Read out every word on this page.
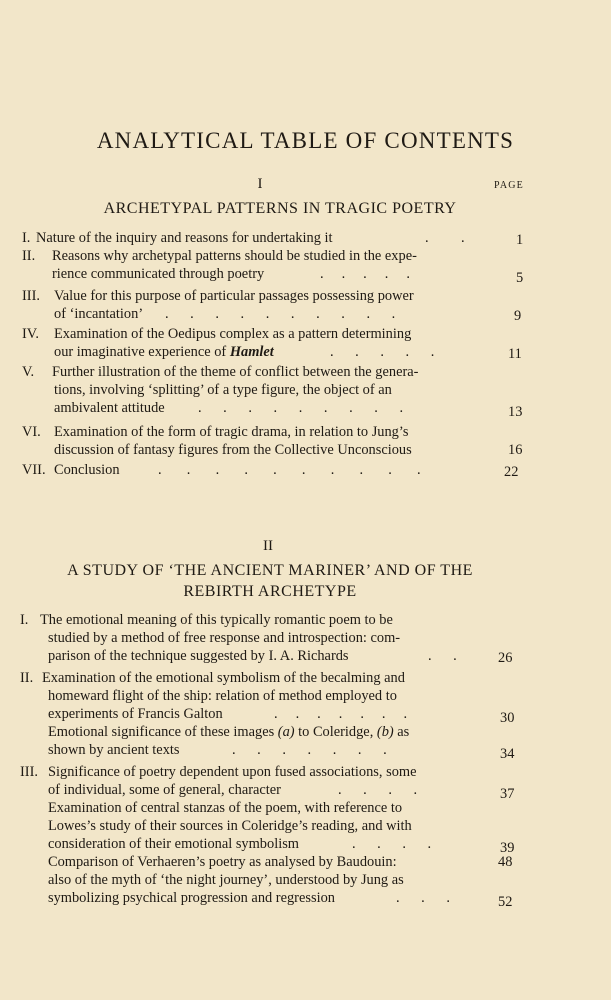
ANALYTICAL TABLE OF CONTENTS
I	PAGE
ARCHETYPAL PATTERNS IN TRAGIC POETRY
I. Nature of the inquiry and reasons for undertaking it	.         .	1
II. Reasons why archetypal patterns should be studied in the expe-
rience communicated through poetry	.     .     .     .     .	5
III. Value for this purpose of particular passages possessing power
of ‘incantation’ .      .      .      .      .      .      .      .      .      .	9
IV. Examination of the Oedipus complex as a pattern determining
our imaginative experience of Hamlet	.      .      .      .      .	11
V. Further illustration of the theme of conflict between the genera-
tions, involving ‘splitting’ of a type figure, the object of an
ambivalent attitude .      .      .      .      .      .      .      .      .	13
VI. Examination of the form of tragic drama, in relation to Jung’s
discussion of fantasy figures from the Collective Unconscious	16
VII. Conclusion	.       .       .       .       .       .       .       .       .       .	22
II
A STUDY OF ‘THE ANCIENT MARINER’ AND OF THE
REBIRTH ARCHETYPE
I. The emotional meaning of this typically romantic poem to be
studied by a method of free response and introspection: com-
parison of the technique suggested by I. A. Richards	.      .	26
II. Examination of the emotional symbolism of the becalming and
homeward flight of the ship: relation of method employed to
experiments of Francis Galton	.     .     .     .     .     .     .	30
Emotional significance of these images (a) to Coleridge, (b) as
shown by ancient texts	.      .      .      .      .      .      .	34
III. Significance of poetry dependent upon fused associations, some
of individual, some of general, character	.      .      .      .	37
Examination of central stanzas of the poem, with reference to
Lowes’s study of their sources in Coleridge’s reading, and with
consideration of their emotional symbolism	.      .      .      .	39
Comparison of Verhaeren’s poetry as analysed by Baudouin:	48
also of the myth of ‘the night journey’, understood by Jung as
symbolizing psychical progression and regression	.      .      .	52
